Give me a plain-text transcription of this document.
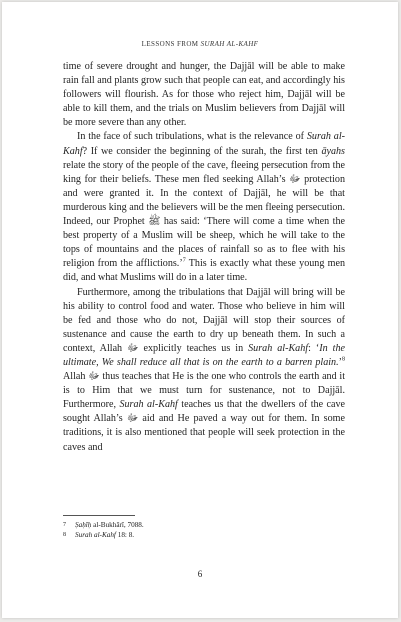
LESSONS FROM SURAH AL-KAHF

time of severe drought and hunger, the Dajjāl will be able to make rain fall and plants grow such that people can eat, and accordingly his followers will flourish. As for those who reject him, Dajjāl will be able to kill them, and the trials on Muslim believers from Dajjāl will be more severe than any other.

In the face of such tribulations, what is the relevance of Surah al-Kahf? If we consider the beginning of the surah, the first ten āyahs relate the story of the people of the cave, fleeing persecution from the king for their beliefs. These men fled seeking Allah’s ﷻ protection and were granted it. In the context of Dajjāl, he will be that murderous king and the believers will be the men fleeing persecution. Indeed, our Prophet ﷺ has said: ‘There will come a time when the best property of a Muslim will be sheep, which he will take to the tops of mountains and the places of rainfall so as to flee with his religion from the afflictions.’$^7$ This is exactly what these young men did, and what Muslims will do in a later time.

Furthermore, among the tribulations that Dajjāl will bring will be his ability to control food and water. Those who believe in him will be fed and those who do not, Dajjāl will stop their sources of sustenance and cause the earth to dry up beneath them. In such a context, Allah ﷻ explicitly teaches us in Surah al-Kahf: ‘In the ultimate, We shall reduce all that is on the earth to a barren plain.’$^8$ Allah ﷻ thus teaches that He is the one who controls the earth and it is to Him that we must turn for sustenance, not to Dajjāl. Furthermore, Surah al-Kahf teaches us that the dwellers of the cave sought Allah’s ﷻ aid and He paved a way out for them. In some traditions, it is also mentioned that people will seek protection in the caves and

7 Ṣaḥīḥ al-Bukhārī, 7088.
8 Surah al-Kahf 18: 8.
6
